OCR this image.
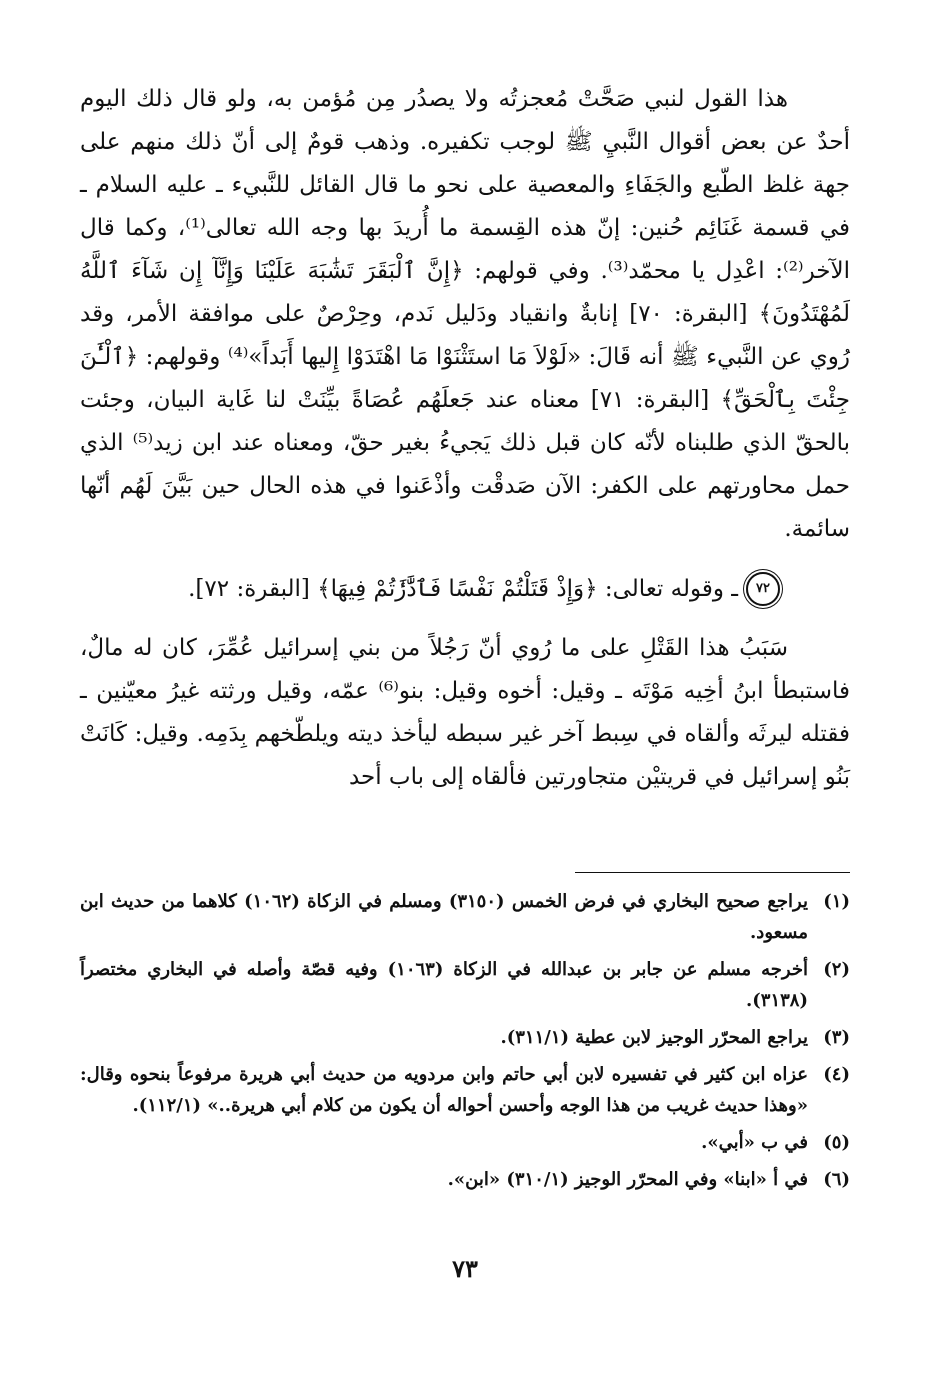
هذا القول لنبي صَحَّتْ مُعجزتُه ولا يصدُر مِن مُؤمن به، ولو قال ذلك اليوم أحدٌ عن بعض أقوال النَّبيِ ﷺ لوجب تكفيره. وذهب قومٌ إلى أنّ ذلك منهم على جهة غلظ الطّبع والجَفَاءِ والمعصية على نحو ما قال القائل للنَّبيء ـ عليه السلام ـ في قسمة غَنَائِم حُنين: إنّ هذه القِسمة ما أُريدَ بها وجه الله تعالى⁽¹⁾، وكما قال الآخر⁽²⁾: اعْدِل يا محمّد⁽³⁾. وفي قولهم: ﴿إِنَّ ٱلْبَقَرَ تَشَٰبَهَ عَلَيْنَا وَإِنَّآ إِن شَآءَ ٱللَّهُ لَمُهْتَدُونَ﴾ [البقرة: ٧٠] إنابةٌ وانقياد ودَليل نَدم، وحِرْصٌ على موافقة الأمر، وقد رُوي عن النَّبيء ﷺ أنه قَالَ: «لَوْلاَ مَا استَثْنَوْا مَا اهْتَدَوْا إِليها أَبَداً»⁽⁴⁾ وقولهم: ﴿ٱلْـَٰٔنَ جِئْتَ بِٱلْحَقِّ﴾ [البقرة: ٧١] معناه عند جَعلَهُم عُصَاةً بيِّنَتْ لنا غَاية البيان، وجئت بالحقّ الذي طلبناه لأنّه كان قبل ذلك يَجيءُ بغير حقّ، ومعناه عند ابن زيد⁽⁵⁾ الذي حمل محاورتهم على الكفر: الآن صَدقْت وأذْعَنوا في هذه الحال حين بَيَّنَ لَهُم أنّها سائمة.

٧٢
ـ وقوله تعالى: ﴿وَإِذْ قَتَلْتُمْ نَفْسًا فَٱدَّٰرَٰٔتُمْ فِيهَا﴾ [البقرة: ٧٢].

سَبَبُ هذا القَتْلِ على ما رُوي أنّ رَجُلاً من بني إسرائيل عُمِّرَ، كان له مالٌ، فاستبطأ ابنُ أخِيه مَوْتَه ـ وقيل: أخوه وقيل: بنو⁽⁶⁾ عمّه، وقيل ورثته غيرُ معيّنين ـ فقتله ليرثَه وألقاه في سِبط آخر غير سبطه ليأخذ ديته ويلطّخهم بِدَمِه. وقيل: كَانَتْ بَنُو إسرائيل في قريتيْن متجاورتين فألقاه إلى باب أحد

(١)
يراجع صحيح البخاري في فرض الخمس (٣١٥٠) ومسلم في الزكاة (١٠٦٢) كلاهما من حديث ابن مسعود.
(٢)
أخرجه مسلم عن جابر بن عبدالله في الزكاة (١٠٦٣) وفيه قصّة وأصله في البخاري مختصراً (٣١٣٨).
(٣)
يراجع المحرّر الوجيز لابن عطية (٣١١/١).
(٤)
عزاه ابن كثير في تفسيره لابن أبي حاتم وابن مردويه من حديث أبي هريرة مرفوعاً بنحوه وقال: «وهذا حديث غريب من هذا الوجه وأحسن أحواله أن يكون من كلام أبي هريرة..» (١١٢/١).
(٥)
في ب «أبي».
(٦)
في أ «ابنا» وفي المحرّر الوجيز (٣١٠/١) «ابن».
٧٣
